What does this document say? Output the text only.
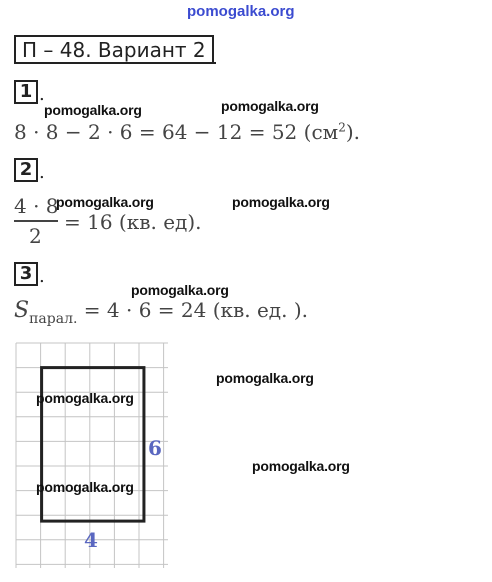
pomogalka.org
П – 48. Вариант 2
1 .
8 · 8 − 2 · 6 = 64 − 12 = 52 $(см^2)$.
2 .
4 · 8
2
= 16 (кв. ед).
3 .
$S_{парал.} = 4 \cdot 6 = 24$ (кв. ед. ).
6
4
pomogalka.org	pomogalka.org
pomogalka.org	pomogalka.org
pomogalka.org
pomogalka.org
pomogalka.org
pomogalka.org
pomogalka.org
